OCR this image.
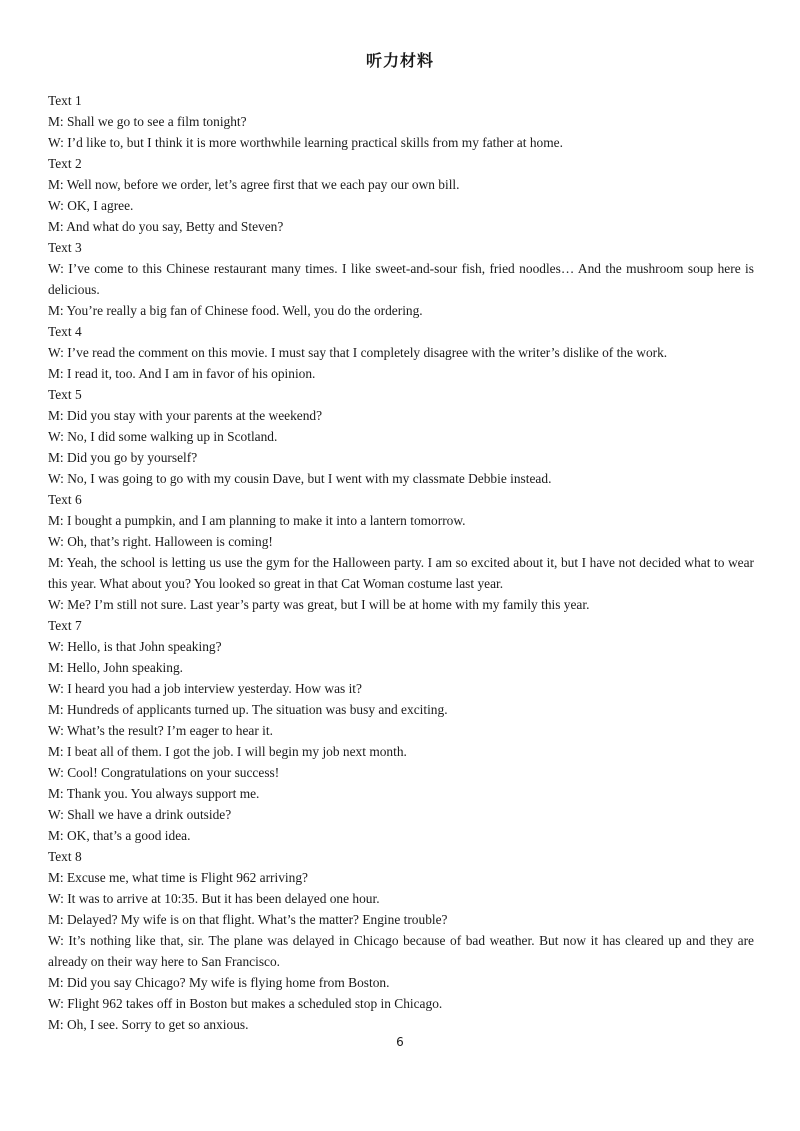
听力材料
Text 1
M: Shall we go to see a film tonight?
W: I’d like to, but I think it is more worthwhile learning practical skills from my father at home.
Text 2
M: Well now, before we order, let’s agree first that we each pay our own bill.
W: OK, I agree.
M: And what do you say, Betty and Steven?
Text 3
W: I’ve come to this Chinese restaurant many times. I like sweet-and-sour fish, fried noodles… And the mushroom soup here is delicious.
M: You’re really a big fan of Chinese food. Well, you do the ordering.
Text 4
W: I’ve read the comment on this movie. I must say that I completely disagree with the writer’s dislike of the work.
M: I read it, too. And I am in favor of his opinion.
Text 5
M: Did you stay with your parents at the weekend?
W: No, I did some walking up in Scotland.
M: Did you go by yourself?
W: No, I was going to go with my cousin Dave, but I went with my classmate Debbie instead.
Text 6
M: I bought a pumpkin, and I am planning to make it into a lantern tomorrow.
W: Oh, that’s right. Halloween is coming!
M: Yeah, the school is letting us use the gym for the Halloween party. I am so excited about it, but I have not decided what to wear this year. What about you? You looked so great in that Cat Woman costume last year.
W: Me? I’m still not sure. Last year’s party was great, but I will be at home with my family this year.
Text 7
W: Hello, is that John speaking?
M: Hello, John speaking.
W: I heard you had a job interview yesterday. How was it?
M: Hundreds of applicants turned up. The situation was busy and exciting.
W: What’s the result? I’m eager to hear it.
M: I beat all of them. I got the job. I will begin my job next month.
W: Cool! Congratulations on your success!
M: Thank you. You always support me.
W: Shall we have a drink outside?
M: OK, that’s a good idea.
Text 8
M: Excuse me, what time is Flight 962 arriving?
W: It was to arrive at 10:35. But it has been delayed one hour.
M: Delayed? My wife is on that flight. What’s the matter? Engine trouble?
W: It’s nothing like that, sir. The plane was delayed in Chicago because of bad weather. But now it has cleared up and they are already on their way here to San Francisco.
M: Did you say Chicago? My wife is flying home from Boston.
W: Flight 962 takes off in Boston but makes a scheduled stop in Chicago.
M: Oh, I see. Sorry to get so anxious.
6
